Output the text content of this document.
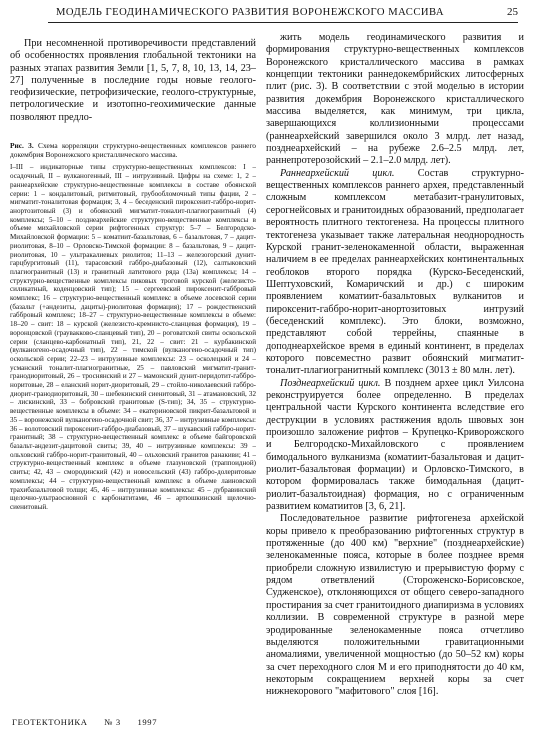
МОДЕЛЬ ГЕОДИНАМИЧЕСКОГО РАЗВИТИЯ ВОРОНЕЖСКОГО МАССИВА	25

При несомненной противоречивости представлений об особенностях проявления глобальной тектоники на разных этапах развития Земли [1, 5, 7, 8, 10, 13, 14, 23–27] полученные в последние годы новые геолого-геофизические, петрофизические, геолого-структурные, петрологические и изотопно-геохимические данные позволяют предло-

Рис. 3. Схема корреляции структурно-вещественных комплексов раннего докембрия Воронежского кристаллического массива.

I–III – индикаторные типы структурно-вещественных комплексов: I – осадочный, II – вулканогенный, III – интрузивный. Цифры на схеме: 1, 2 – раннеархейские структурно-вещественные комплексы в составе обоянской серии: 1 – кондалитовый, ритмитовый, грубообломочный типы фации, 2 – мигматит-тоналитовая формация; 3, 4 – беседенский пироксенит-габбро-норит-анортозитовый (3) и обоянский мигматит-тоналит-плагиогранитный (4) комплексы; 5–10 – позднеархейские структурно-вещественные комплексы в объеме михайловской серии рифтогенных структур: 5–7 – Белгородско-Михайловской формации: 5 – коматиит-базальтовая, 6 – базальтовая, 7 – дацит-риолитовая, 8–10 – Орловско-Тимской формации: 8 – базальтовая, 9 – дацит-риолитовая, 10 – ультракалиевых риолитов; 11–13 – железогорский дунит-гарцбургитовый (11), тарасовский габбро-диабазовый (12), салтыковский плагиогранитный (13) и гранитный латитового ряда (13а) комплексы; 14 – структурно-вещественные комплексы пиковых троговой курской (железисто-силикатный, коденцовский тип); 15 – сергеевский пироксенит-габбровый комплекс; 16 – структурно-вещественный комплекс в объеме лосевской серии (базальт (+андезиты, дациты)-риолитовая формация); 17 – рождественский габбровый комплекс; 18–27 – структурно-вещественные комплексы в объеме: 18–20 – свит: 18 – курской (железисто-кремнисто-сланцевая формация), 19 – воронцовской (граувакково-сланцевый тип), 20 – роговатской свиты оскольской серии (сланцево-карбонатный тип), 21, 22 – свит: 21 – курбакинской (вулканогено-осадочный тип), 22 – тимской (вулканогено-осадочный тип) оскольской серии; 22–23 – интрузивные комплексы: 23 – осколецкий и 24 – усманский тоналит-плагиогранитные, 25 – павловский мигматит-гранит-гранодиоритовый, 26 – троснянский и 27 – мамонский дунит-перидотит-габбро-норитовые, 28 – еланский норит-диоритовый, 29 – стойло-николаевский габбро-диорит-гранодиоритовый, 30 – шебекинский сиенитовый, 31 – атамановский, 32 – лискинский, 33 – бобровский гранитовые (S-тип); 34, 35 – структурно-вещественные комплексы в объеме: 34 – екатериновской пикрит-базальтовой и 35 – воронежской вулканогено-осадочной свит; 36, 37 – интрузивные комплексы: 36 – волотовский пироксенит-габбро-диабазовый, 37 – шукавский габбро-норит-гранитный; 38 – структурно-вещественный комплекс в объеме байгоровской базальт-андезит-дацитовой свиты; 39, 40 – интрузивные комплексы: 39 – ольховский габбро-норит-гранитовый, 40 – ольховский гранитов ранакиви; 41 – структурно-вещественный комплекс в объеме глазуновской (траппоидной) свиты; 42, 43 – смородинский (42) и новосельский (43) габбро-долеритовые комплексы; 44 – структурно-вещественный комплекс в объеме лаиновской трахибазальтовой толщи; 45, 46 – интрузивные комплексы: 45 – дубравинский щелочно-ультраосновной с карбонатитами, 46 – артюшкинский щелочно-сиенитовый.

жить модель геодинамического развития и формирования структурно-вещественных комплексов Воронежского кристаллического массива в рамках концепции тектоники раннедокембрийских литосферных плит (рис. 3). В соответствии с этой моделью в истории развития докембрия Воронежского кристаллического массива выделяется, как минимум, три цикла, завершающихся коллизионными процессами (раннеархейский завершился около 3 млрд. лет назад, позднеархейский – на рубеже 2.6–2.5 млрд. лет, раннепротерозойский – 2.1–2.0 млрд. лет).

Раннеархейский цикл. Состав структурно-вещественных комплексов раннего архея, представленный сложным комплексом метабазит-гранулитовых, серогнейсовых и гранитоидных образований, предполагает вероятность плитного тектогенеза. На процессы плитного тектогенеза указывает также латеральная неоднородность Курской гранит-зеленокаменной области, выраженная наличием в ее пределах раннеархейских континентальных геоблоков второго порядка (Курско-Беседенский, Шептуховский, Комаричский и др.) с широким проявлением коматиит-базальтовых вулканитов и пироксенит-габбро-норит-анортозитовых интрузий (беседенский комплекс). Это блоки, возможно, представляют собой террейны, спаянные в доподнеархейское время в единый континент, в пределах которого повсеместно развит обоянский мигматит-тоналит-плагиогранитный комплекс (3013 ± 80 млн. лет).

Позднеархейский цикл. В позднем архее цикл Уилсона реконструируется более определенно. В пределах центральной части Курского континента вследствие его деструкции в условиях растяжения вдоль швовых зон произошло заложение рифтов – Крупецко-Криворожского и Белгородско-Михайловского с проявлением бимодального вулканизма (коматиит-базальтовая и дацит-риолит-базальтовая формации) и Орловско-Тимского, в котором формировалась также бимодальная (дацит-риолит-базальтоидная) формация, но с ограниченным развитием коматиитов [3, 6, 21].

Последовательное развитие рифтогенеза архейской коры привело к преобразованию рифтогенных структур в протяженные (до 400 км) "верхние" (позднеархейские) зеленокаменные пояса, которые в более позднее время приобрели сложную извилистую и прерывистую форму с рядом ответвлений (Стороженско-Борисовское, Судженское), отклоняющихся от общего северо-западного простирания за счет гранитоидного диапиризма в условиях коллизии. В современной структуре в разной мере эродированные зеленокаменные пояса отчетливо выделяются положительными гравитационными аномалиями, увеличенной мощностью (до 50–52 км) коры за счет переходного слоя М и его приподнятости до 40 км, некоторым сокращением верхней коры за счет нижнекорового "мафитового" слоя [16].

ГЕОТЕКТОНИКА № 3 1997
